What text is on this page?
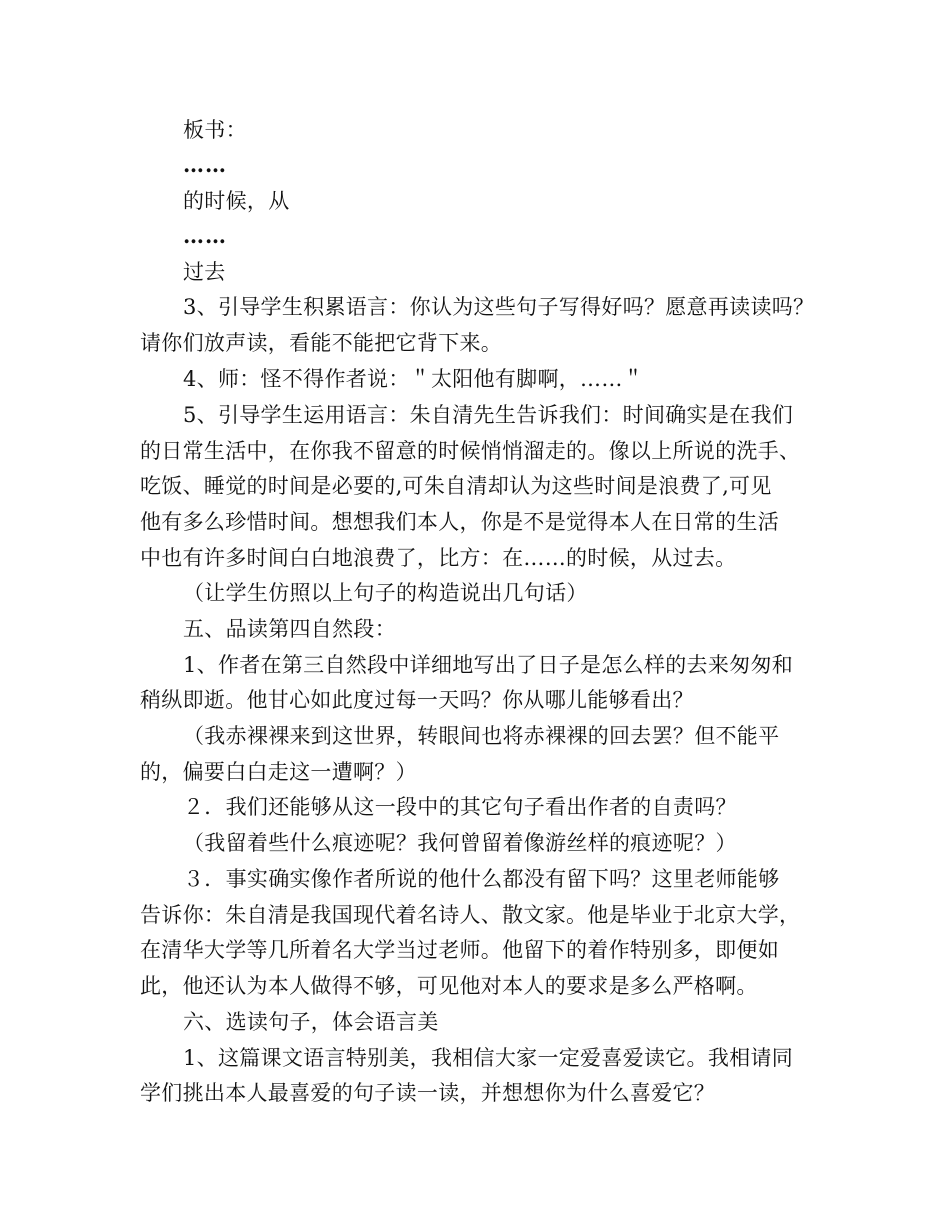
板书：
……
的时候，从
……
过去
3、引导学生积累语言：你认为这些句子写得好吗？愿意再读读吗？
请你们放声读，看能不能把它背下来。
4、师：怪不得作者说：＂太阳他有脚啊，……＂
5、引导学生运用语言：朱自清先生告诉我们：时间确实是在我们
的日常生活中，在你我不留意的时候悄悄溜走的。像以上所说的洗手、
吃饭、睡觉的时间是必要的,可朱自清却认为这些时间是浪费了,可见
他有多么珍惜时间。想想我们本人，你是不是觉得本人在日常的生活
中也有许多时间白白地浪费了，比方：在……的时候，从过去。
（让学生仿照以上句子的构造说出几句话）
五、品读第四自然段：
1、作者在第三自然段中详细地写出了日子是怎么样的去来匆匆和
稍纵即逝。他甘心如此度过每一天吗？你从哪儿能够看出？
（我赤裸裸来到这世界，转眼间也将赤裸裸的回去罢？但不能平
的，偏要白白走这一遭啊？）
２．我们还能够从这一段中的其它句子看出作者的自责吗？
（我留着些什么痕迹呢？我何曾留着像游丝样的痕迹呢？）
３．事实确实像作者所说的他什么都没有留下吗？这里老师能够
告诉你：朱自清是我国现代着名诗人、散文家。他是毕业于北京大学，
在清华大学等几所着名大学当过老师。他留下的着作特别多，即便如
此，他还认为本人做得不够，可见他对本人的要求是多么严格啊。
六、选读句子，体会语言美
1、这篇课文语言特别美，我相信大家一定爱喜爱读它。我相请同
学们挑出本人最喜爱的句子读一读，并想想你为什么喜爱它？
